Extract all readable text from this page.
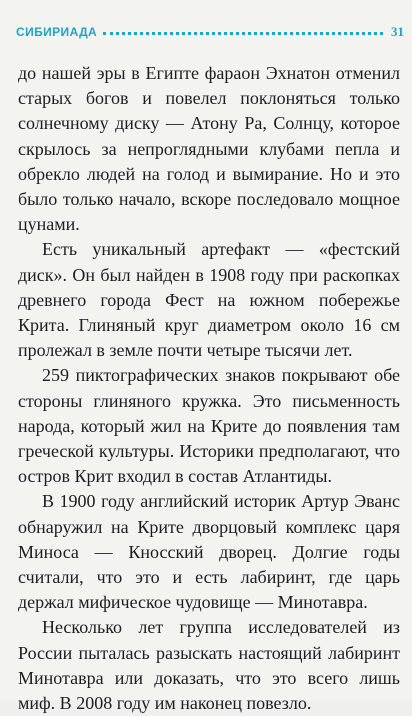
СИБИРИАДА	31

до нашей эры в Египте фараон Эхнатон отменил старых богов и повелел поклоняться только солнечному диску — Атону Ра, Солнцу, которое скрылось за непроглядными клубами пепла и обрекло людей на голод и вымирание. Но и это было только начало, вскоре последовало мощное цунами.

Есть уникальный артефакт — «фестский диск». Он был найден в 1908 году при раскопках древнего города Фест на южном побережье Крита. Глиняный круг диаметром около 16 см пролежал в земле почти четыре тысячи лет.

259 пиктографических знаков покрывают обе стороны глиняного кружка. Это письменность народа, который жил на Крите до появления там греческой культуры. Историки предполагают, что остров Крит входил в состав Атлантиды.

В 1900 году английский историк Артур Эванс обнаружил на Крите дворцовый комплекс царя Миноса — Кносский дворец. Долгие годы считали, что это и есть лабиринт, где царь держал мифическое чудовище — Минотавра.

Несколько лет группа исследователей из России пыталась разыскать настоящий лабиринт Минотавра или доказать, что это всего лишь миф. В 2008 году им наконец повезло.
